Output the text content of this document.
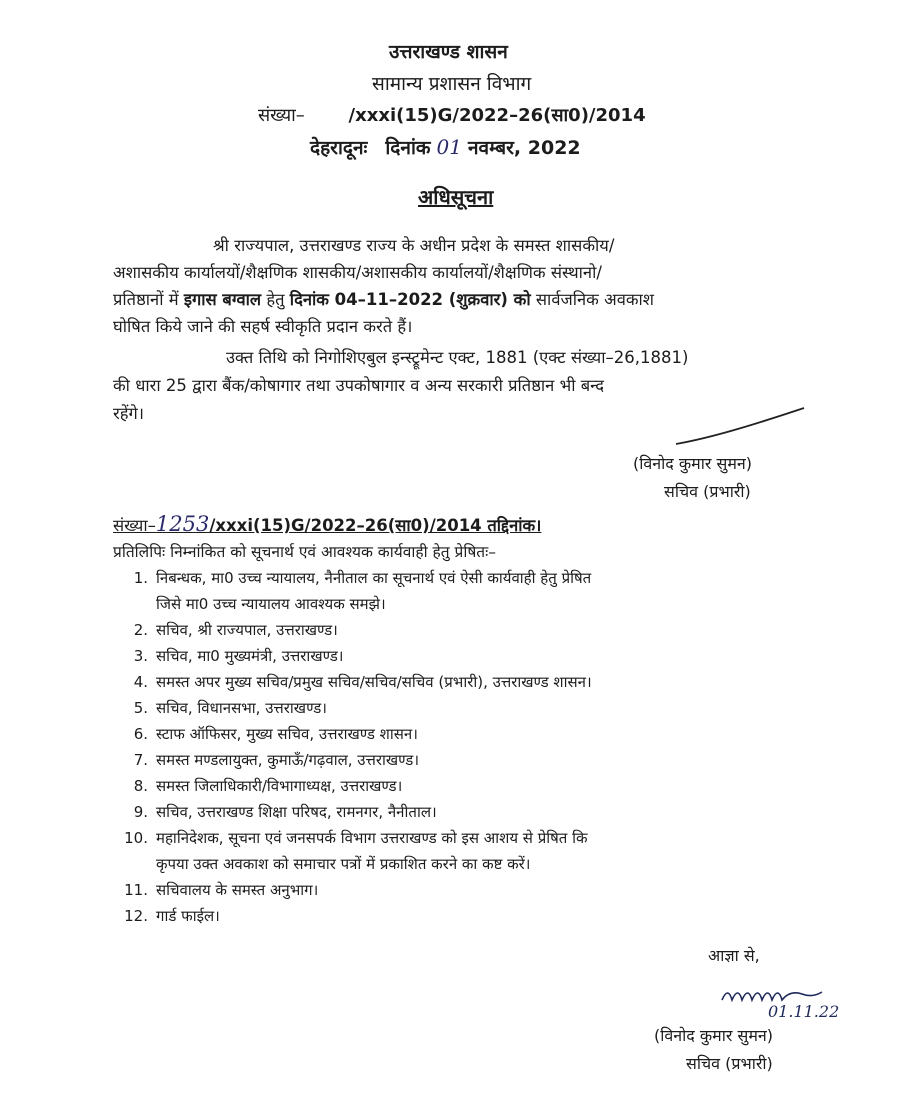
उत्तराखण्ड शासन
सामान्य प्रशासन विभाग
संख्या– /xxxi(15)G/2022–26(सा0)/2014
देहरादूनः दिनांक 01 नवम्बर, 2022
अधिसूचना
श्री राज्यपाल, उत्तराखण्ड राज्य के अधीन प्रदेश के समस्त शासकीय/
अशासकीय कार्यालयों/शैक्षणिक शासकीय/अशासकीय कार्यालयों/शैक्षणिक संस्थानो/
प्रतिष्ठानों में इगास बग्वाल हेतु दिनांक 04–11–2022 (शुक्रवार) को सार्वजनिक अवकाश
घोषित किये जाने की सहर्ष स्वीकृति प्रदान करते हैं।
उक्त तिथि को निगोशिएबुल इन्स्ट्रूमेन्ट एक्ट, 1881 (एक्ट संख्या–26,1881)
की धारा 25 द्वारा बैंक/कोषागार तथा उपकोषागार व अन्य सरकारी प्रतिष्ठान भी बन्द
रहेंगे।
(विनोद कुमार सुमन)
सचिव (प्रभारी)
संख्या–1253/xxxi(15)G/2022–26(सा0)/2014 तद्दिनांक।
प्रतिलिपिः निम्नांकित को सूचनार्थ एवं आवश्यक कार्यवाही हेतु प्रेषितः–
1. निबन्धक, मा0 उच्च न्यायालय, नैनीताल का सूचनार्थ एवं ऐसी कार्यवाही हेतु प्रेषित
जिसे मा0 उच्च न्यायालय आवश्यक समझे।
2. सचिव, श्री राज्यपाल, उत्तराखण्ड।
3. सचिव, मा0 मुख्यमंत्री, उत्तराखण्ड।
4. समस्त अपर मुख्य सचिव/प्रमुख सचिव/सचिव/सचिव (प्रभारी), उत्तराखण्ड शासन।
5. सचिव, विधानसभा, उत्तराखण्ड।
6. स्टाफ ऑफिसर, मुख्य सचिव, उत्तराखण्ड शासन।
7. समस्त मण्डलायुक्त, कुमाऊँ/गढ़वाल, उत्तराखण्ड।
8. समस्त जिलाधिकारी/विभागाध्यक्ष, उत्तराखण्ड।
9. सचिव, उत्तराखण्ड शिक्षा परिषद, रामनगर, नैनीताल।
10. महानिदेशक, सूचना एवं जनसपर्क विभाग उत्तराखण्ड को इस आशय से प्रेषित कि
कृपया उक्त अवकाश को समाचार पत्रों में प्रकाशित करने का कष्ट करें।
11. सचिवालय के समस्त अनुभाग।
12. गार्ड फाईल।
आज्ञा से,
01.11.22
(विनोद कुमार सुमन)
सचिव (प्रभारी)
